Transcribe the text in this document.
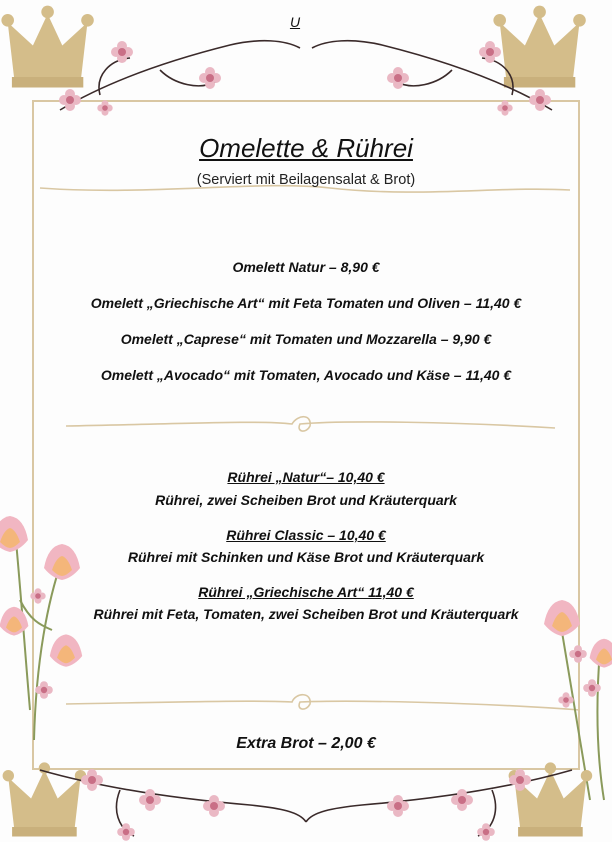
U
Omelette & Rührei
(Serviert mit Beilagensalat & Brot)
Omelett Natur – 8,90 €
Omelett „Griechische Art“ mit Feta Tomaten und Oliven – 11,40 €
Omelett „Caprese“ mit Tomaten und Mozzarella – 9,90 €
Omelett „Avocado“ mit Tomaten, Avocado und Käse – 11,40 €
Rührei „Natur“– 10,40 €
Rührei, zwei Scheiben Brot und Kräuterquark
Rührei Classic – 10,40 €
Rührei mit Schinken und Käse Brot und Kräuterquark
Rührei „Griechische Art“ 11,40 €
Rührei mit Feta, Tomaten, zwei Scheiben Brot und Kräuterquark
Extra Brot – 2,00 €
